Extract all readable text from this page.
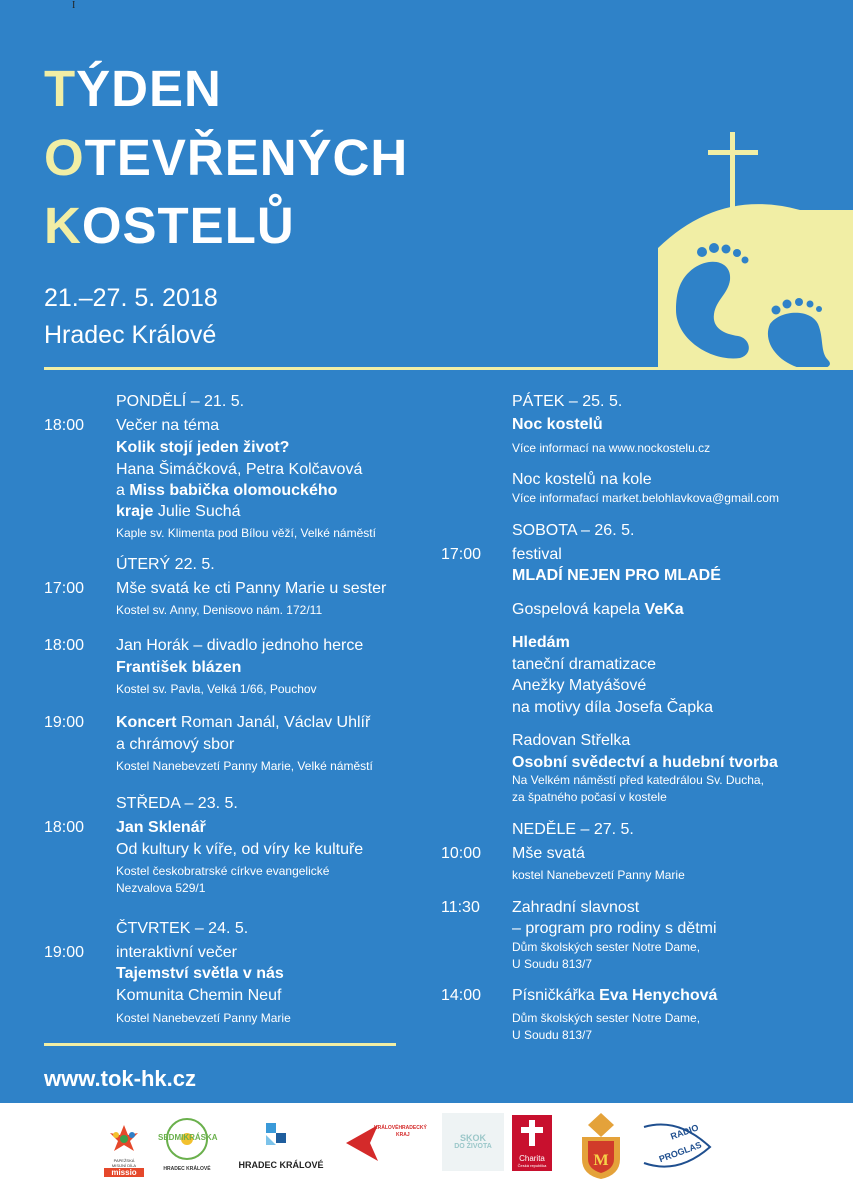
I
TÝDEN
OTEVŘENÝCH
KOSTELŮ
21.–27. 5. 2018
Hradec Králové
PONDĚLÍ – 21. 5.
18:00 Večer na téma
Kolik stojí jeden život?
Hana Šimáčková, Petra Kolčavová
a Miss babička olomouckého
kraje Julie Suchá
Kaple sv. Klimenta pod Bílou věží, Velké náměstí
ÚTERÝ 22. 5.
17:00 Mše svatá ke cti Panny Marie u sester
Kostel sv. Anny, Denisovo nám. 172/11
18:00 Jan Horák – divadlo jednoho herce
František blázen
Kostel sv. Pavla, Velká 1/66, Pouchov
19:00 Koncert Roman Janál, Václav Uhlíř
a chrámový sbor
Kostel Nanebevzetí Panny Marie, Velké náměstí
STŘEDA – 23. 5.
18:00 Jan Sklenář
Od kultury k víře, od víry ke kultuře
Kostel českobratrské církve evangelické
Nezvalova 529/1
ČTVRTEK – 24. 5.
19:00 interaktivní večer
Tajemství světla v nás
Komunita Chemin Neuf
Kostel Nanebevzetí Panny Marie
www.tok-hk.cz
PÁTEK – 25. 5.
Noc kostelů
Více informací na www.nockostelu.cz
Noc kostelů na kole
Více informafací market.belohlavkova@gmail.com
SOBOTA – 26. 5.
17:00 festival
MLADÍ NEJEN PRO MLADÉ
Gospelová kapela VeKa
Hledám
taneční dramatizace
Anežky Matyášové
na motivy díla Josefa Čapka
Radovan Střelka
Osobní svědectví a hudební tvorba
Na Velkém náměstí před katedrálou Sv. Ducha,
za špatného počasí v kostele
NEDĚLE – 27. 5.
10:00 Mše svatá
kostel Nanebevzetí Panny Marie
11:30 Zahradní slavnost
– program pro rodiny s dětmi
Dům školských sester Notre Dame,
U Soudu 813/7
14:00 Písničkářka Eva Henychová
Dům školských sester Notre Dame,
U Soudu 813/7
PAPEŽSKÁ
MISIJNÍ DÍLA
missio
SEDMIKRÁSKA
HRADEC KRÁLOVÉ	HRADEC KRÁLOVÉ
KRÁLOVÉHRADECKÝ
KRAJ	SKOK
DO ŽIVOTA
Charita
Česká republika	M
RADIO
PROGLAS
